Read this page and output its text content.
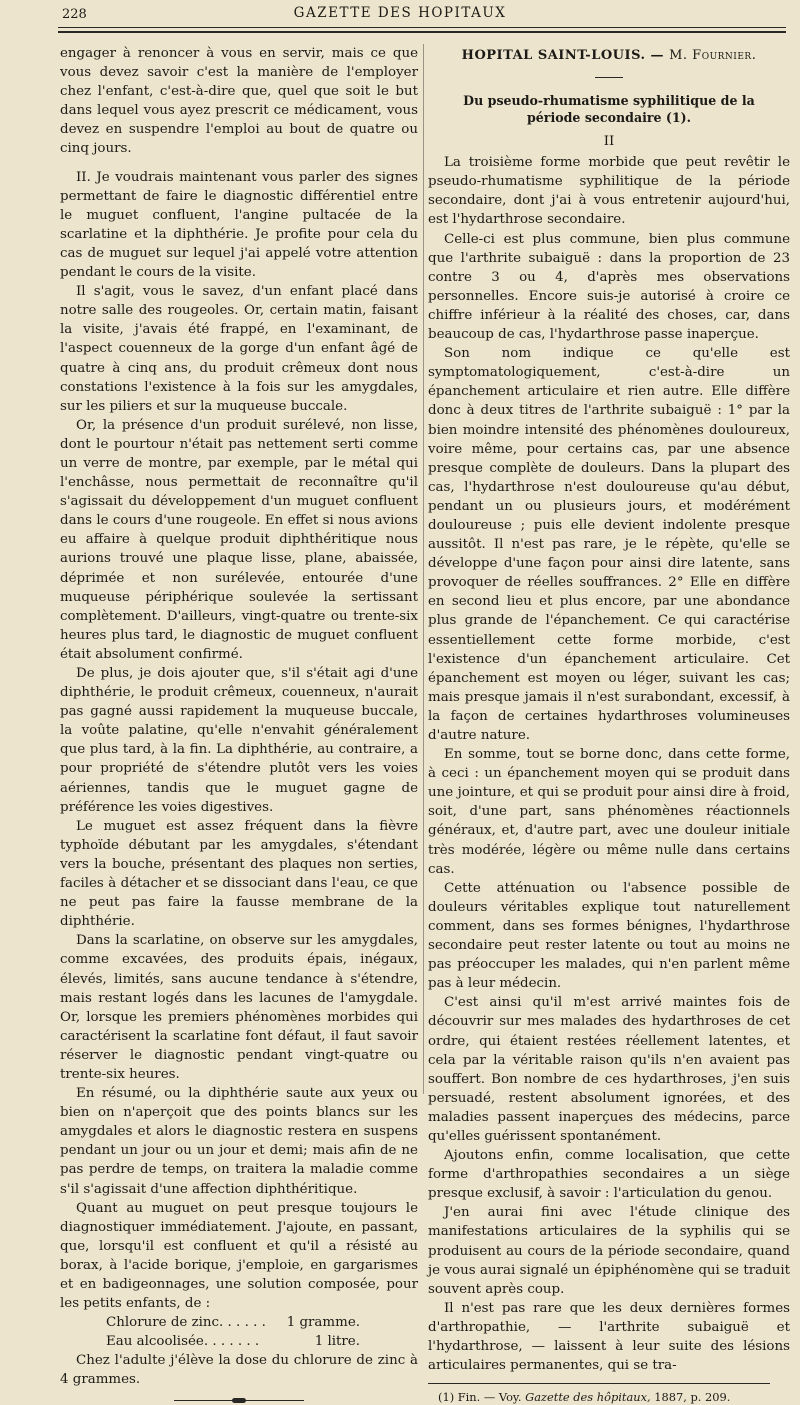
228	GAZETTE DES HOPITAUX

engager à renoncer à vous en servir, mais ce que vous devez savoir c'est la manière de l'employer chez l'enfant, c'est-à-dire que, quel que soit le but dans lequel vous ayez prescrit ce médicament, vous devez en suspendre l'emploi au bout de quatre ou cinq jours.

II. Je voudrais maintenant vous parler des signes permettant de faire le diagnostic différentiel entre le muguet confluent, l'angine pultacée de la scarlatine et la diphthérie. Je profite pour cela du cas de muguet sur lequel j'ai appelé votre attention pendant le cours de la visite.

Il s'agit, vous le savez, d'un enfant placé dans notre salle des rougeoles. Or, certain matin, faisant la visite, j'avais été frappé, en l'examinant, de l'aspect couenneux de la gorge d'un enfant âgé de quatre à cinq ans, du produit crêmeux dont nous constations l'existence à la fois sur les amygdales, sur les piliers et sur la muqueuse buccale.

Or, la présence d'un produit surélevé, non lisse, dont le pourtour n'était pas nettement serti comme un verre de montre, par exemple, par le métal qui l'enchâsse, nous permettait de reconnaître qu'il s'agissait du développement d'un muguet confluent dans le cours d'une rougeole. En effet si nous avions eu affaire à quelque produit diphthéritique nous aurions trouvé une plaque lisse, plane, abaissée, déprimée et non surélevée, entourée d'une muqueuse périphérique soulevée la sertissant complètement. D'ailleurs, vingt-quatre ou trente-six heures plus tard, le diagnostic de muguet confluent était absolument confirmé.

De plus, je dois ajouter que, s'il s'était agi d'une diphthérie, le produit crêmeux, couenneux, n'aurait pas gagné aussi rapidement la muqueuse buccale, la voûte palatine, qu'elle n'envahit généralement que plus tard, à la fin. La diphthérie, au contraire, a pour propriété de s'étendre plutôt vers les voies aériennes, tandis que le muguet gagne de préférence les voies digestives.

Le muguet est assez fréquent dans la fièvre typhoïde débutant par les amygdales, s'étendant vers la bouche, présentant des plaques non serties, faciles à détacher et se dissociant dans l'eau, ce que ne peut pas faire la fausse membrane de la diphthérie.

Dans la scarlatine, on observe sur les amygdales, comme excavées, des produits épais, inégaux, élevés, limités, sans aucune tendance à s'étendre, mais restant logés dans les lacunes de l'amygdale. Or, lorsque les premiers phénomènes morbides qui caractérisent la scarlatine font défaut, il faut savoir réserver le diagnostic pendant vingt-quatre ou trente-six heures.

En résumé, ou la diphthérie saute aux yeux ou bien on n'aperçoit que des points blancs sur les amygdales et alors le diagnostic restera en suspens pendant un jour ou un jour et demi; mais afin de ne pas perdre de temps, on traitera la maladie comme s'il s'agissait d'une affection diphthéritique.

Quant au muguet on peut presque toujours le diagnostiquer immédiatement. J'ajoute, en passant, que, lorsqu'il est confluent et qu'il a résisté au borax, à l'acide borique, j'emploie, en gargarismes et en badigeonnages, une solution composée, pour les petits enfants, de :

Chlorure de zinc. . . . . . 1 gramme.
Eau alcoolisée. . . . . . .	1 litre.

Chez l'adulte j'élève la dose du chlorure de zinc à 4 grammes.

HOPITAL SAINT-LOUIS. — M. Fournier.
Du pseudo-rhumatisme syphilitique de la période secondaire (1).
II

La troisième forme morbide que peut revêtir le pseudo-rhumatisme syphilitique de la période secondaire, dont j'ai à vous entretenir aujourd'hui, est l'hydarthrose secondaire.

Celle-ci est plus commune, bien plus commune que l'arthrite subaiguë : dans la proportion de 23 contre 3 ou 4, d'après mes observations personnelles. Encore suis-je autorisé à croire ce chiffre inférieur à la réalité des choses, car, dans beaucoup de cas, l'hydarthrose passe inaperçue.

Son nom indique ce qu'elle est symptomatologiquement, c'est-à-dire un épanchement articulaire et rien autre. Elle diffère donc à deux titres de l'arthrite subaiguë : 1° par la bien moindre intensité des phénomènes douloureux, voire même, pour certains cas, par une absence presque complète de douleurs. Dans la plupart des cas, l'hydarthrose n'est douloureuse qu'au début, pendant un ou plusieurs jours, et modérément douloureuse ; puis elle devient indolente presque aussitôt. Il n'est pas rare, je le répète, qu'elle se développe d'une façon pour ainsi dire latente, sans provoquer de réelles souffrances. 2° Elle en diffère en second lieu et plus encore, par une abondance plus grande de l'épanchement. Ce qui caractérise essentiellement cette forme morbide, c'est l'existence d'un épanchement articulaire. Cet épanchement est moyen ou léger, suivant les cas; mais presque jamais il n'est surabondant, excessif, à la façon de certaines hydarthroses volumineuses d'autre nature.

En somme, tout se borne donc, dans cette forme, à ceci : un épanchement moyen qui se produit dans une jointure, et qui se produit pour ainsi dire à froid, soit, d'une part, sans phénomènes réactionnels généraux, et, d'autre part, avec une douleur initiale très modérée, légère ou même nulle dans certains cas.

Cette atténuation ou l'absence possible de douleurs véritables explique tout naturellement comment, dans ses formes bénignes, l'hydarthrose secondaire peut rester latente ou tout au moins ne pas préoccuper les malades, qui n'en parlent même pas à leur médecin.

C'est ainsi qu'il m'est arrivé maintes fois de découvrir sur mes malades des hydarthroses de cet ordre, qui étaient restées réellement latentes, et cela par la véritable raison qu'ils n'en avaient pas souffert. Bon nombre de ces hydarthroses, j'en suis persuadé, restent absolument ignorées, et des maladies passent inaperçues des médecins, parce qu'elles guérissent spontanément.

Ajoutons enfin, comme localisation, que cette forme d'arthropathies secondaires a un siège presque exclusif, à savoir : l'articulation du genou.

J'en aurai fini avec l'étude clinique des manifestations articulaires de la syphilis qui se produisent au cours de la période secondaire, quand je vous aurai signalé un épiphénomène qui se traduit souvent après coup.

Il n'est pas rare que les deux dernières formes d'arthropathie, — l'arthrite subaiguë et l'hydarthrose, — laissent à leur suite des lésions articulaires permanentes, qui se tra-

(1) Fin. — Voy. Gazette des hôpitaux, 1887, p. 209.
